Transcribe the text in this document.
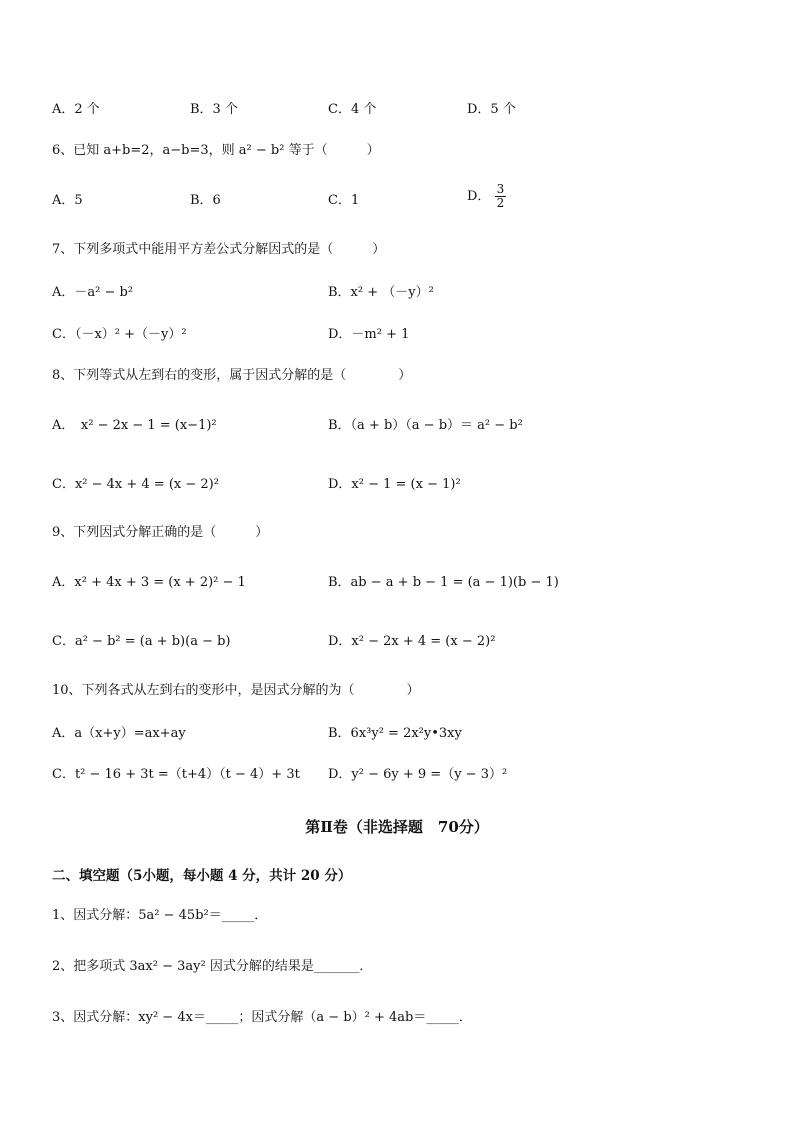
A．2 个	B．3 个	C．4 个	D．5 个
6、已知 a+b=2，a−b=3，则 a² − b² 等于（　　　）
A．5	B．6	C．1	D． $\frac{3}{2}$
7、下列多项式中能用平方差公式分解因式的是（　　　）
A．－a² − b²	B．x² + （－y）²
C．（－x）² +（－y）²	D．－m² + 1
8、下列等式从左到右的变形，属于因式分解的是（　　　　）
A．　x² − 2x − 1 = (x−1)²	B．（a + b）（a − b）＝ a² − b²
C．x² − 4x + 4 = (x − 2)²	D．x² − 1 = (x − 1)²
9、下列因式分解正确的是（　　　）
A．x² + 4x + 3 = (x + 2)² − 1	B．ab − a + b − 1 = (a − 1)(b − 1)
C．a² − b² = (a + b)(a − b)	D．x² − 2x + 4 = (x − 2)²
10、下列各式从左到右的变形中，是因式分解的为（　　　　）
A．a（x+y）=ax+ay	B．6x³y² = 2x²y•3xy
C．t² − 16 + 3t =（t+4）（t − 4）+ 3t D．y² − 6y + 9 =（y − 3）²
第Ⅱ卷（非选择题　70分）
二、填空题（5小题，每小题 4 分，共计 20 分）
1、因式分解：5a² − 45b²＝_____．
2、把多项式 3ax² − 3ay² 因式分解的结果是_______．
3、因式分解：xy² − 4x＝_____；因式分解（a − b）² + 4ab＝_____．
